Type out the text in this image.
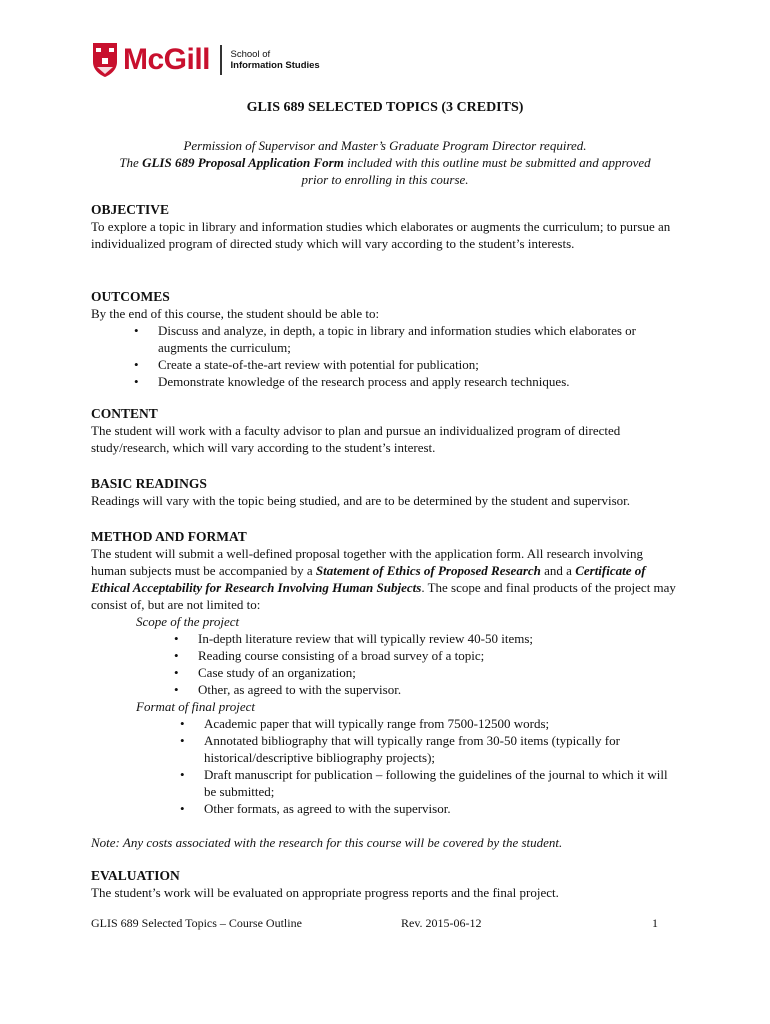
McGill School of
Information Studies
GLIS 689 SELECTED TOPICS (3 CREDITS)
Permission of Supervisor and Master’s Graduate Program Director required.
The GLIS 689 Proposal Application Form included with this outline must be submitted and approved
prior to enrolling in this course.
OBJECTIVE

To explore a topic in library and information studies which elaborates or augments the curriculum; to pursue an individualized program of directed study which will vary according to the student’s interests.

OUTCOMES

By the end of this course, the student should be able to:

• Discuss and analyze, in depth, a topic in library and information studies which elaborates or augments the curriculum;
• Create a state-of-the-art review with potential for publication;
• Demonstrate knowledge of the research process and apply research techniques.
CONTENT

The student will work with a faculty advisor to plan and pursue an individualized program of directed study/research, which will vary according to the student’s interest.

BASIC READINGS

Readings will vary with the topic being studied, and are to be determined by the student and supervisor.

METHOD AND FORMAT

The student will submit a well-defined proposal together with the application form. All research involving human subjects must be accompanied by a Statement of Ethics of Proposed Research and a Certificate of Ethical Acceptability for Research Involving Human Subjects. The scope and final products of the project may consist of, but are not limited to:

Scope of the project
• In-depth literature review that will typically review 40-50 items;
• Reading course consisting of a broad survey of a topic;
• Case study of an organization;
• Other, as agreed to with the supervisor.
Format of final project
• Academic paper that will typically range from 7500-12500 words;
• Annotated bibliography that will typically range from 30-50 items (typically for historical/descriptive bibliography projects);
• Draft manuscript for publication – following the guidelines of the journal to which it will be submitted;
• Other formats, as agreed to with the supervisor.
Note: Any costs associated with the research for this course will be covered by the student.
EVALUATION

The student’s work will be evaluated on appropriate progress reports and the final project.

GLIS 689 Selected Topics – Course Outline	Rev. 2015-06-12	1
